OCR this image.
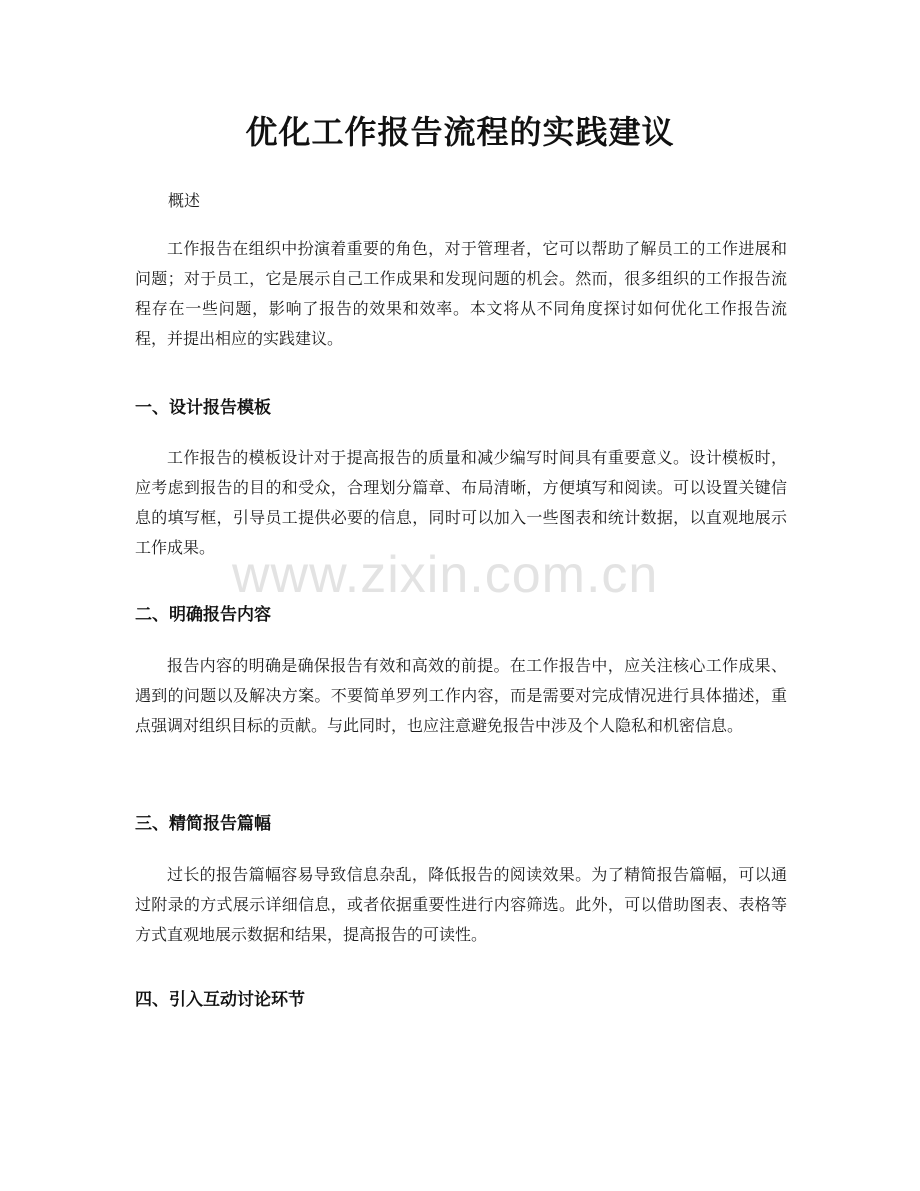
优化工作报告流程的实践建议
概述

工作报告在组织中扮演着重要的角色，对于管理者，它可以帮助了解员工的工作进展和问题；对于员工，它是展示自己工作成果和发现问题的机会。然而，很多组织的工作报告流程存在一些问题，影响了报告的效果和效率。本文将从不同角度探讨如何优化工作报告流程，并提出相应的实践建议。

一、设计报告模板

工作报告的模板设计对于提高报告的质量和减少编写时间具有重要意义。设计模板时，应考虑到报告的目的和受众，合理划分篇章、布局清晰，方便填写和阅读。可以设置关键信息的填写框，引导员工提供必要的信息，同时可以加入一些图表和统计数据，以直观地展示工作成果。

二、明确报告内容

报告内容的明确是确保报告有效和高效的前提。在工作报告中，应关注核心工作成果、遇到的问题以及解决方案。不要简单罗列工作内容，而是需要对完成情况进行具体描述，重点强调对组织目标的贡献。与此同时，也应注意避免报告中涉及个人隐私和机密信息。

三、精简报告篇幅

过长的报告篇幅容易导致信息杂乱，降低报告的阅读效果。为了精简报告篇幅，可以通过附录的方式展示详细信息，或者依据重要性进行内容筛选。此外，可以借助图表、表格等方式直观地展示数据和结果，提高报告的可读性。

四、引入互动讨论环节
www.zixin.com.cn
